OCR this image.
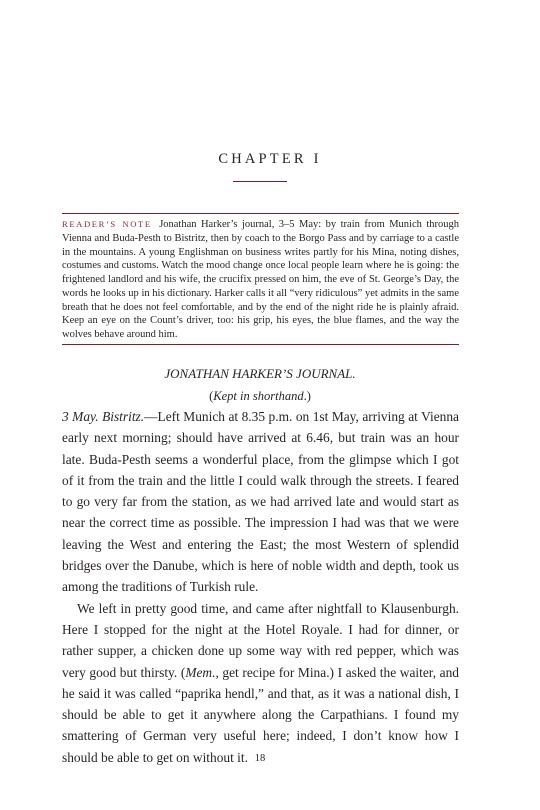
CHAPTER I

READER’S NOTE Jonathan Harker’s journal, 3–5 May: by train from Munich through Vienna and Buda-Pesth to Bistritz, then by coach to the Borgo Pass and by carriage to a castle in the mountains. A young Englishman on business writes partly for his Mina, noting dishes, costumes and customs. Watch the mood change once local people learn where he is going: the frightened landlord and his wife, the crucifix pressed on him, the eve of St. George’s Day, the words he looks up in his dictionary. Harker calls it all “very ridiculous” yet admits in the same breath that he does not feel comfortable, and by the end of the night ride he is plainly afraid. Keep an eye on the Count’s driver, too: his grip, his eyes, the blue flames, and the way the wolves behave around him.

JONATHAN HARKER’S JOURNAL.
(Kept in shorthand.)

3 May. Bistritz.—Left Munich at 8.35 p.m. on 1st May, arriving at Vienna early next morning; should have arrived at 6.46, but train was an hour late. Buda-Pesth seems a wonderful place, from the glimpse which I got of it from the train and the little I could walk through the streets. I feared to go very far from the station, as we had arrived late and would start as near the correct time as possible. The impression I had was that we were leaving the West and entering the East; the most Western of splendid bridges over the Danube, which is here of noble width and depth, took us among the traditions of Turkish rule.

We left in pretty good time, and came after nightfall to Klausenburgh. Here I stopped for the night at the Hotel Royale. I had for dinner, or rather supper, a chicken done up some way with red pepper, which was very good but thirsty. (Mem., get recipe for Mina.) I asked the waiter, and he said it was called “paprika hendl,” and that, as it was a national dish, I should be able to get it anywhere along the Carpathians. I found my smattering of German very useful here; indeed, I don’t know how I should be able to get on without it. 18
